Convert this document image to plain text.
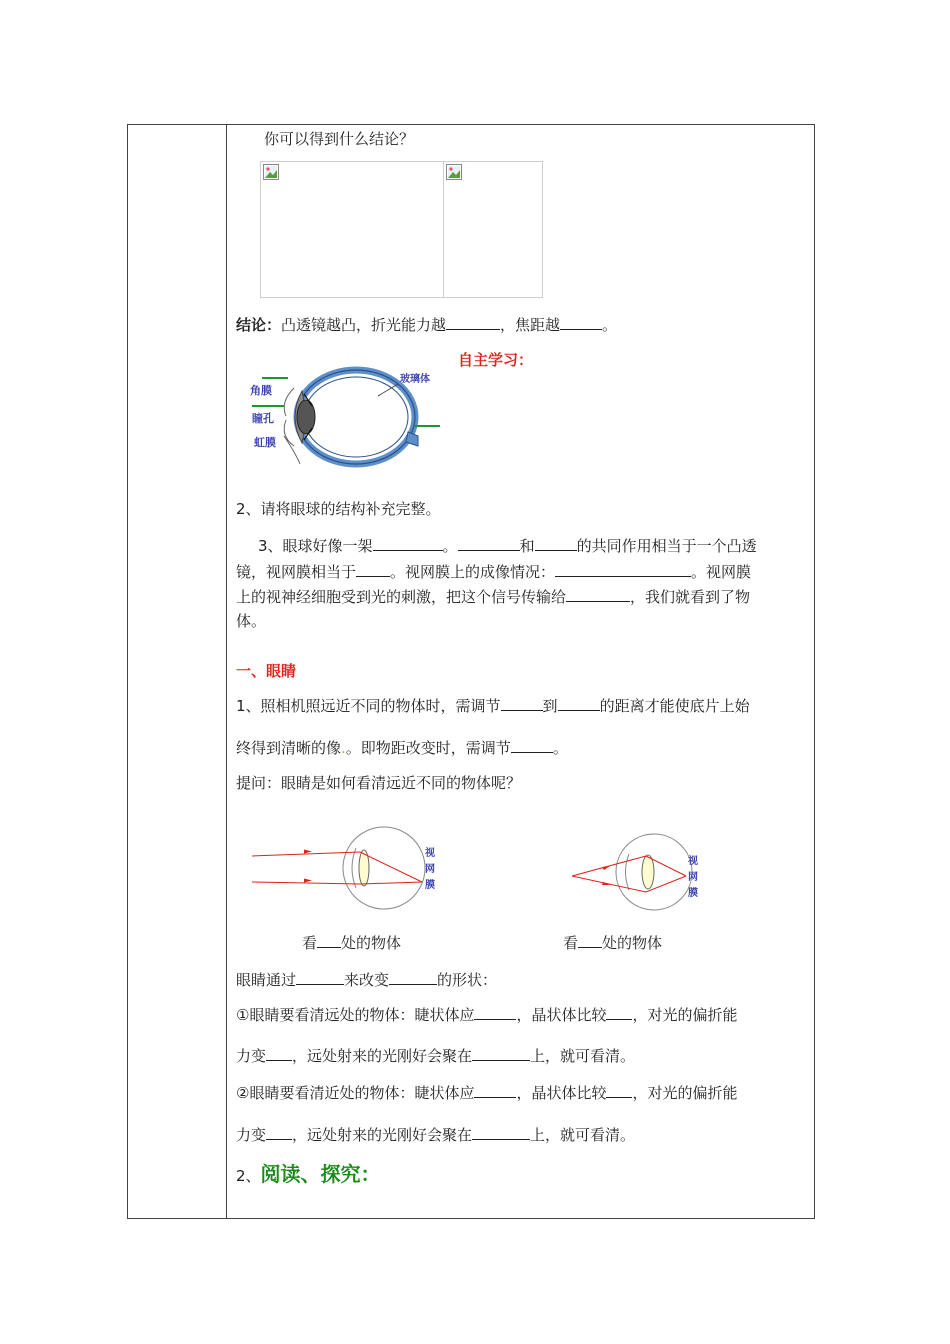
你可以得到什么结论？
结论：凸透镜越凸，折光能力越	，焦距越	。
自主学习：
角膜
瞳孔
虹膜
玻璃体
2、请将眼球的结构补充完整。
3、眼球好像一架	。	和	的共同作用相当于一个凸透
镜，视网膜相当于 。视网膜上的成像情况：	。视网膜
上的视神经细胞受到光的刺激，把这个信号传输给	，我们就看到了物
体。
一、眼睛
1、照相机照远近不同的物体时，需调节	到	的距离才能使底片上始
终得到清晰的像.。即物距改变时，需调节	。
提问：眼睛是如何看清远近不同的物体呢？
视网膜
视网膜
看 处的物体	看 处的物体
眼睛通过	来改变	的形状：
①眼睛要看清远处的物体：睫状体应	，晶状体比较 ，对光的偏折能
力变 ，远处射来的光刚好会聚在	上，就可看清。
②眼睛要看清近处的物体：睫状体应	，晶状体比较 ，对光的偏折能
力变 ，远处射来的光刚好会聚在	上，就可看清。
2、阅读、探究：
